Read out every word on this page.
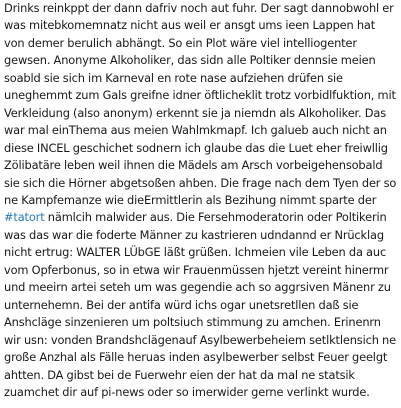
Drinks reinkppt der dann dafriv noch aut fuhr. Der sagt dannobwohl er was mitebkomemnatz nicht aus weil er ansgt ums ieen Lappen hat von demer berulich abhängt. So ein Plot wäre viel intelliogenter gewsen. Anonyme Alkoholiker, das sidn alle Poltiker dennsie meien soabld sie sich im Karneval en rote nase aufziehen drüfen sie uneghemmt zum Gals greifne idner öftlicheklit trotz vorbidlfuktion, mit Verkleidung (also anonym) erkennt sie ja niemdn als Alkoholiker. Das war mal einThema aus meien Wahlmkmapf. Ich galueb auch nicht an diese INCEL geschichet sodnern ich glaube das die Luet eher freiwllig Zölibatäre leben weil ihnen die Mädels am Arsch vorbeigehensobald sie sich die Hörner abgetsoßen ahben. Die frage nach dem Tyen der so ne Kampfemanze wie dieErmittlerin als Bezihung nimmt sparte der #tatort nämlcih malwider aus. Die Fersehmoderatorin oder Poltikerin was das war die foderte Männer zu kastrieren udndannd er Nrücklag nicht ertrug: WALTER LÜbGE läßt grüßen. Ichmeien vile Leben da auc vom Opferbonus, so in etwa wir Frauenmüssen hjetzt vereint hinermr und meeirn artei seteh um was gegendie ach so aggrsiven Mänenr zu unternehemn. Bei der antifa würd ichs ogar unetsretllen daß sie Anshcläge sinzenieren um poltsiuch stimmung zu amchen. Erinenrn wir usn: vonden Brandshclägenauf Asylbewerbeheiem setlktlensich ne große Anzhal als Fälle heruas inden asylbewerber selbst Feuer geelgt ahtten. DA gibst bei de Fuerwehr eien der hat da mal ne statsik zuamchet dir auf pi-news oder so imerwider gerne verlinkt wurde.
